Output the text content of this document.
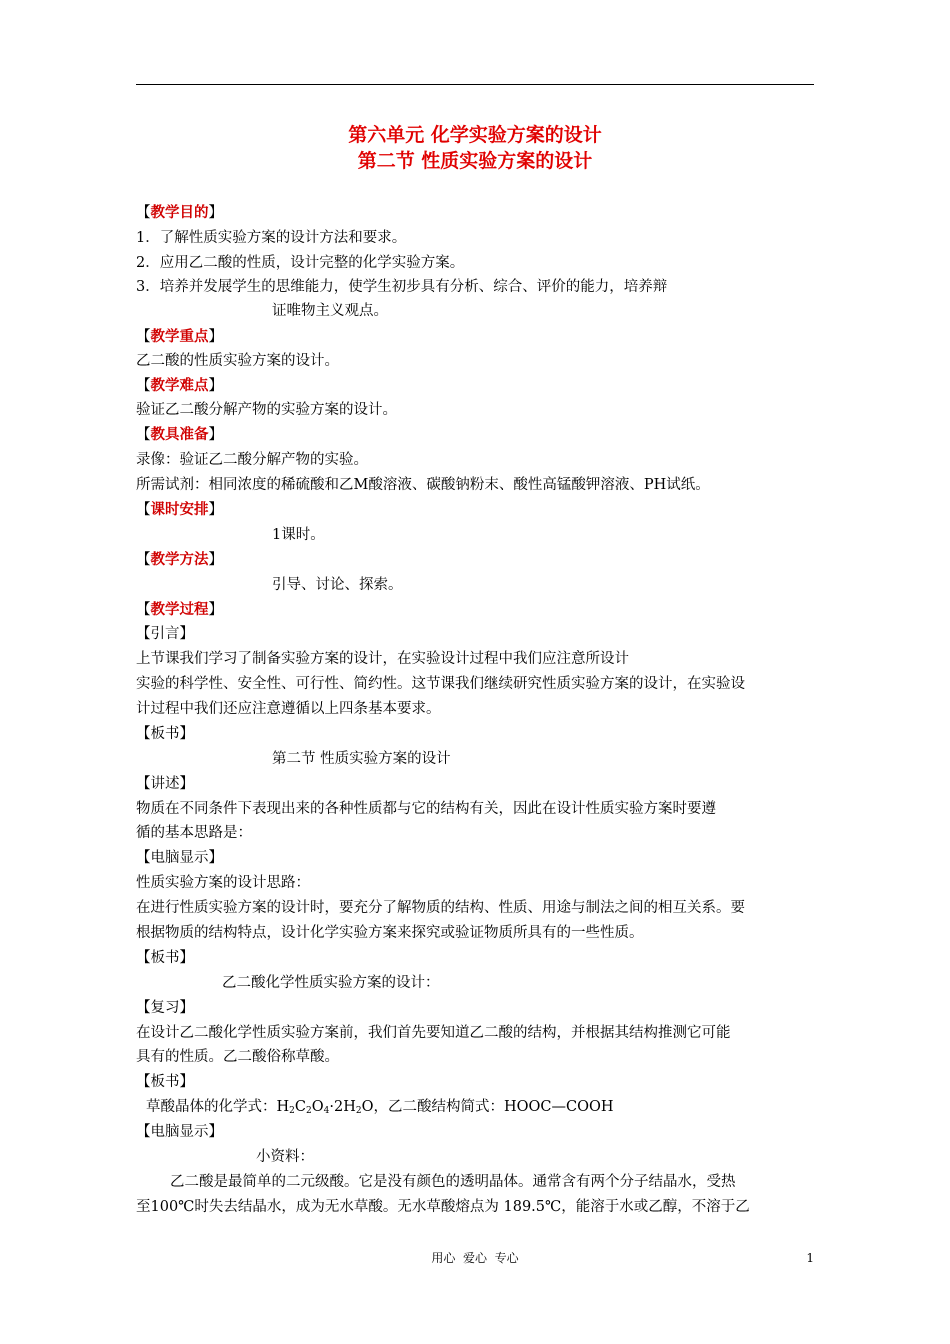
第六单元 化学实验方案的设计
第二节 性质实验方案的设计
【教学目的】
1．了解性质实验方案的设计方法和要求。
2．应用乙二酸的性质，设计完整的化学实验方案。
3．培养并发展学生的思维能力，使学生初步具有分析、综合、评价的能力，培养辩
证唯物主义观点。
【教学重点】
乙二酸的性质实验方案的设计。
【教学难点】
验证乙二酸分解产物的实验方案的设计。
【教具准备】
录像：验证乙二酸分解产物的实验。
所需试剂：相同浓度的稀硫酸和乙M酸溶液、碳酸钠粉末、酸性高锰酸钾溶液、PH试纸。
【课时安排】
1课时。
【教学方法】
引导、讨论、探索。
【教学过程】
【引言】
上节课我们学习了制备实验方案的设计，在实验设计过程中我们应注意所设计
实验的科学性、安全性、可行性、简约性。这节课我们继续研究性质实验方案的设计，在实验设
计过程中我们还应注意遵循以上四条基本要求。
【板书】
第二节 性质实验方案的设计
【讲述】
物质在不同条件下表现出来的各种性质都与它的结构有关，因此在设计性质实验方案时要遵
循的基本思路是：
【电脑显示】
性质实验方案的设计思路：
在进行性质实验方案的设计时，要充分了解物质的结构、性质、用途与制法之间的相互关系。要
根据物质的结构特点，设计化学实验方案来探究或验证物质所具有的一些性质。
【板书】
乙二酸化学性质实验方案的设计：
【复习】
在设计乙二酸化学性质实验方案前，我们首先要知道乙二酸的结构，并根据其结构推测它可能
具有的性质。乙二酸俗称草酸。
【板书】
草酸晶体的化学式：$H_2C_2O_4\cdot 2H_2O$，乙二酸结构简式：HOOC—COOH
【电脑显示】
小资料：
乙二酸是最简单的二元级酸。它是没有颜色的透明晶体。通常含有两个分子结晶水，受热
至100℃时失去结晶水，成为无水草酸。无水草酸熔点为 189.5℃，能溶于水或乙醇，不溶于乙
用心  爱心  专心	1
